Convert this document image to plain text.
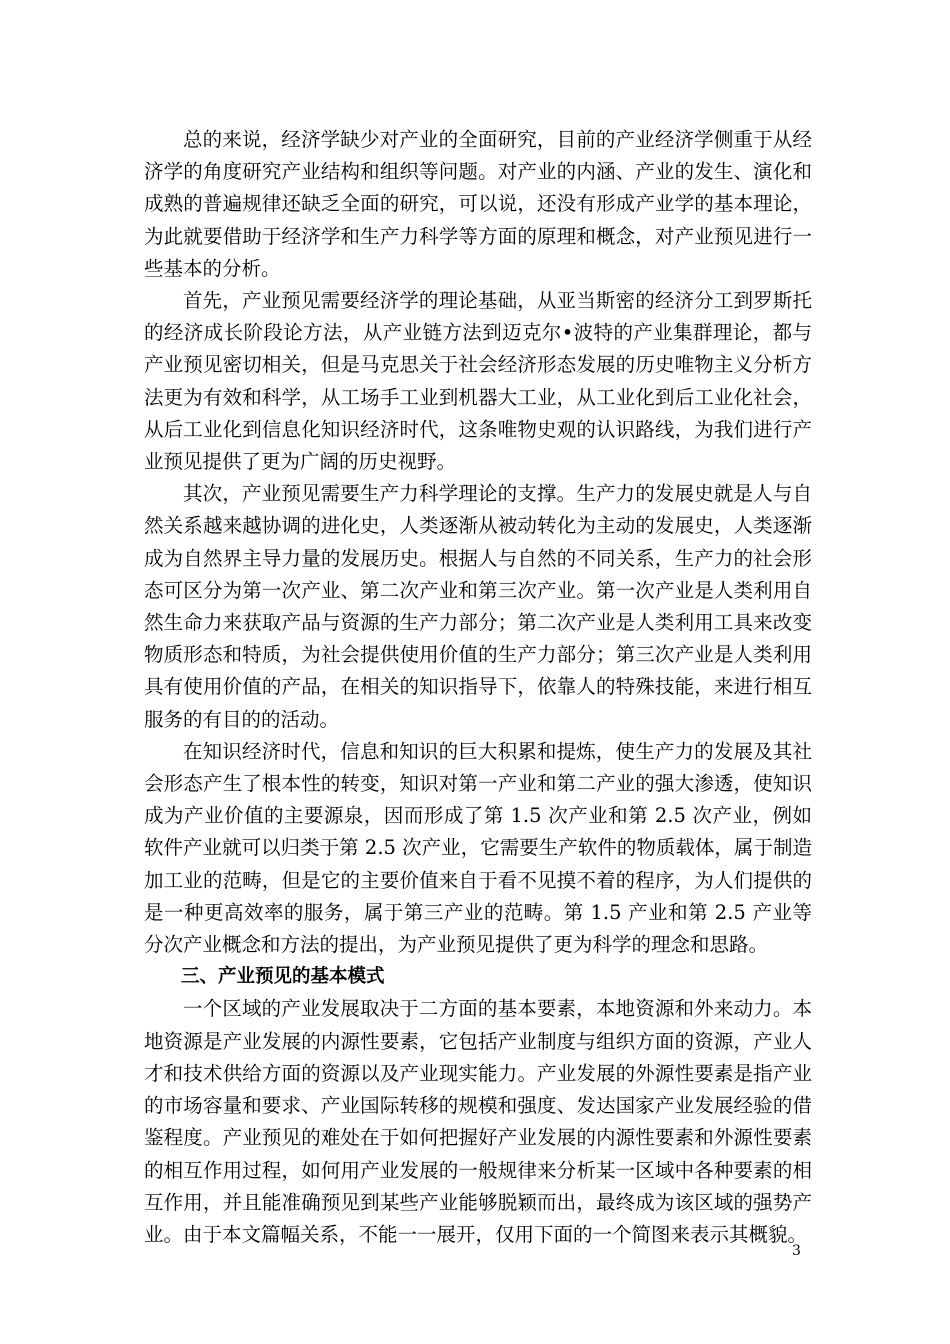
总的来说，经济学缺少对产业的全面研究，目前的产业经济学侧重于从经济学的角度研究产业结构和组织等问题。对产业的内涵、产业的发生、演化和成熟的普遍规律还缺乏全面的研究，可以说，还没有形成产业学的基本理论，为此就要借助于经济学和生产力科学等方面的原理和概念，对产业预见进行一些基本的分析。

首先，产业预见需要经济学的理论基础，从亚当斯密的经济分工到罗斯托的经济成长阶段论方法，从产业链方法到迈克尔•波特的产业集群理论，都与产业预见密切相关，但是马克思关于社会经济形态发展的历史唯物主义分析方法更为有效和科学，从工场手工业到机器大工业，从工业化到后工业化社会，从后工业化到信息化知识经济时代，这条唯物史观的认识路线，为我们进行产业预见提供了更为广阔的历史视野。

其次，产业预见需要生产力科学理论的支撑。生产力的发展史就是人与自然关系越来越协调的进化史，人类逐渐从被动转化为主动的发展史，人类逐渐成为自然界主导力量的发展历史。根据人与自然的不同关系，生产力的社会形态可区分为第一次产业、第二次产业和第三次产业。第一次产业是人类利用自然生命力来获取产品与资源的生产力部分；第二次产业是人类利用工具来改变物质形态和特质，为社会提供使用价值的生产力部分；第三次产业是人类利用具有使用价值的产品，在相关的知识指导下，依靠人的特殊技能，来进行相互服务的有目的的活动。

在知识经济时代，信息和知识的巨大积累和提炼，使生产力的发展及其社会形态产生了根本性的转变，知识对第一产业和第二产业的强大渗透，使知识成为产业价值的主要源泉，因而形成了第 1.5 次产业和第 2.5 次产业，例如软件产业就可以归类于第 2.5 次产业，它需要生产软件的物质载体，属于制造加工业的范畴，但是它的主要价值来自于看不见摸不着的程序，为人们提供的是一种更高效率的服务，属于第三产业的范畴。第 1.5 产业和第 2.5 产业等分次产业概念和方法的提出，为产业预见提供了更为科学的理念和思路。

三、产业预见的基本模式

一个区域的产业发展取决于二方面的基本要素，本地资源和外来动力。本地资源是产业发展的内源性要素，它包括产业制度与组织方面的资源，产业人才和技术供给方面的资源以及产业现实能力。产业发展的外源性要素是指产业的市场容量和要求、产业国际转移的规模和强度、发达国家产业发展经验的借鉴程度。产业预见的难处在于如何把握好产业发展的内源性要素和外源性要素的相互作用过程，如何用产业发展的一般规律来分析某一区域中各种要素的相互作用，并且能准确预见到某些产业能够脱颖而出，最终成为该区域的强势产业。由于本文篇幅关系，不能一一展开，仅用下面的一个简图来表示其概貌。

3
